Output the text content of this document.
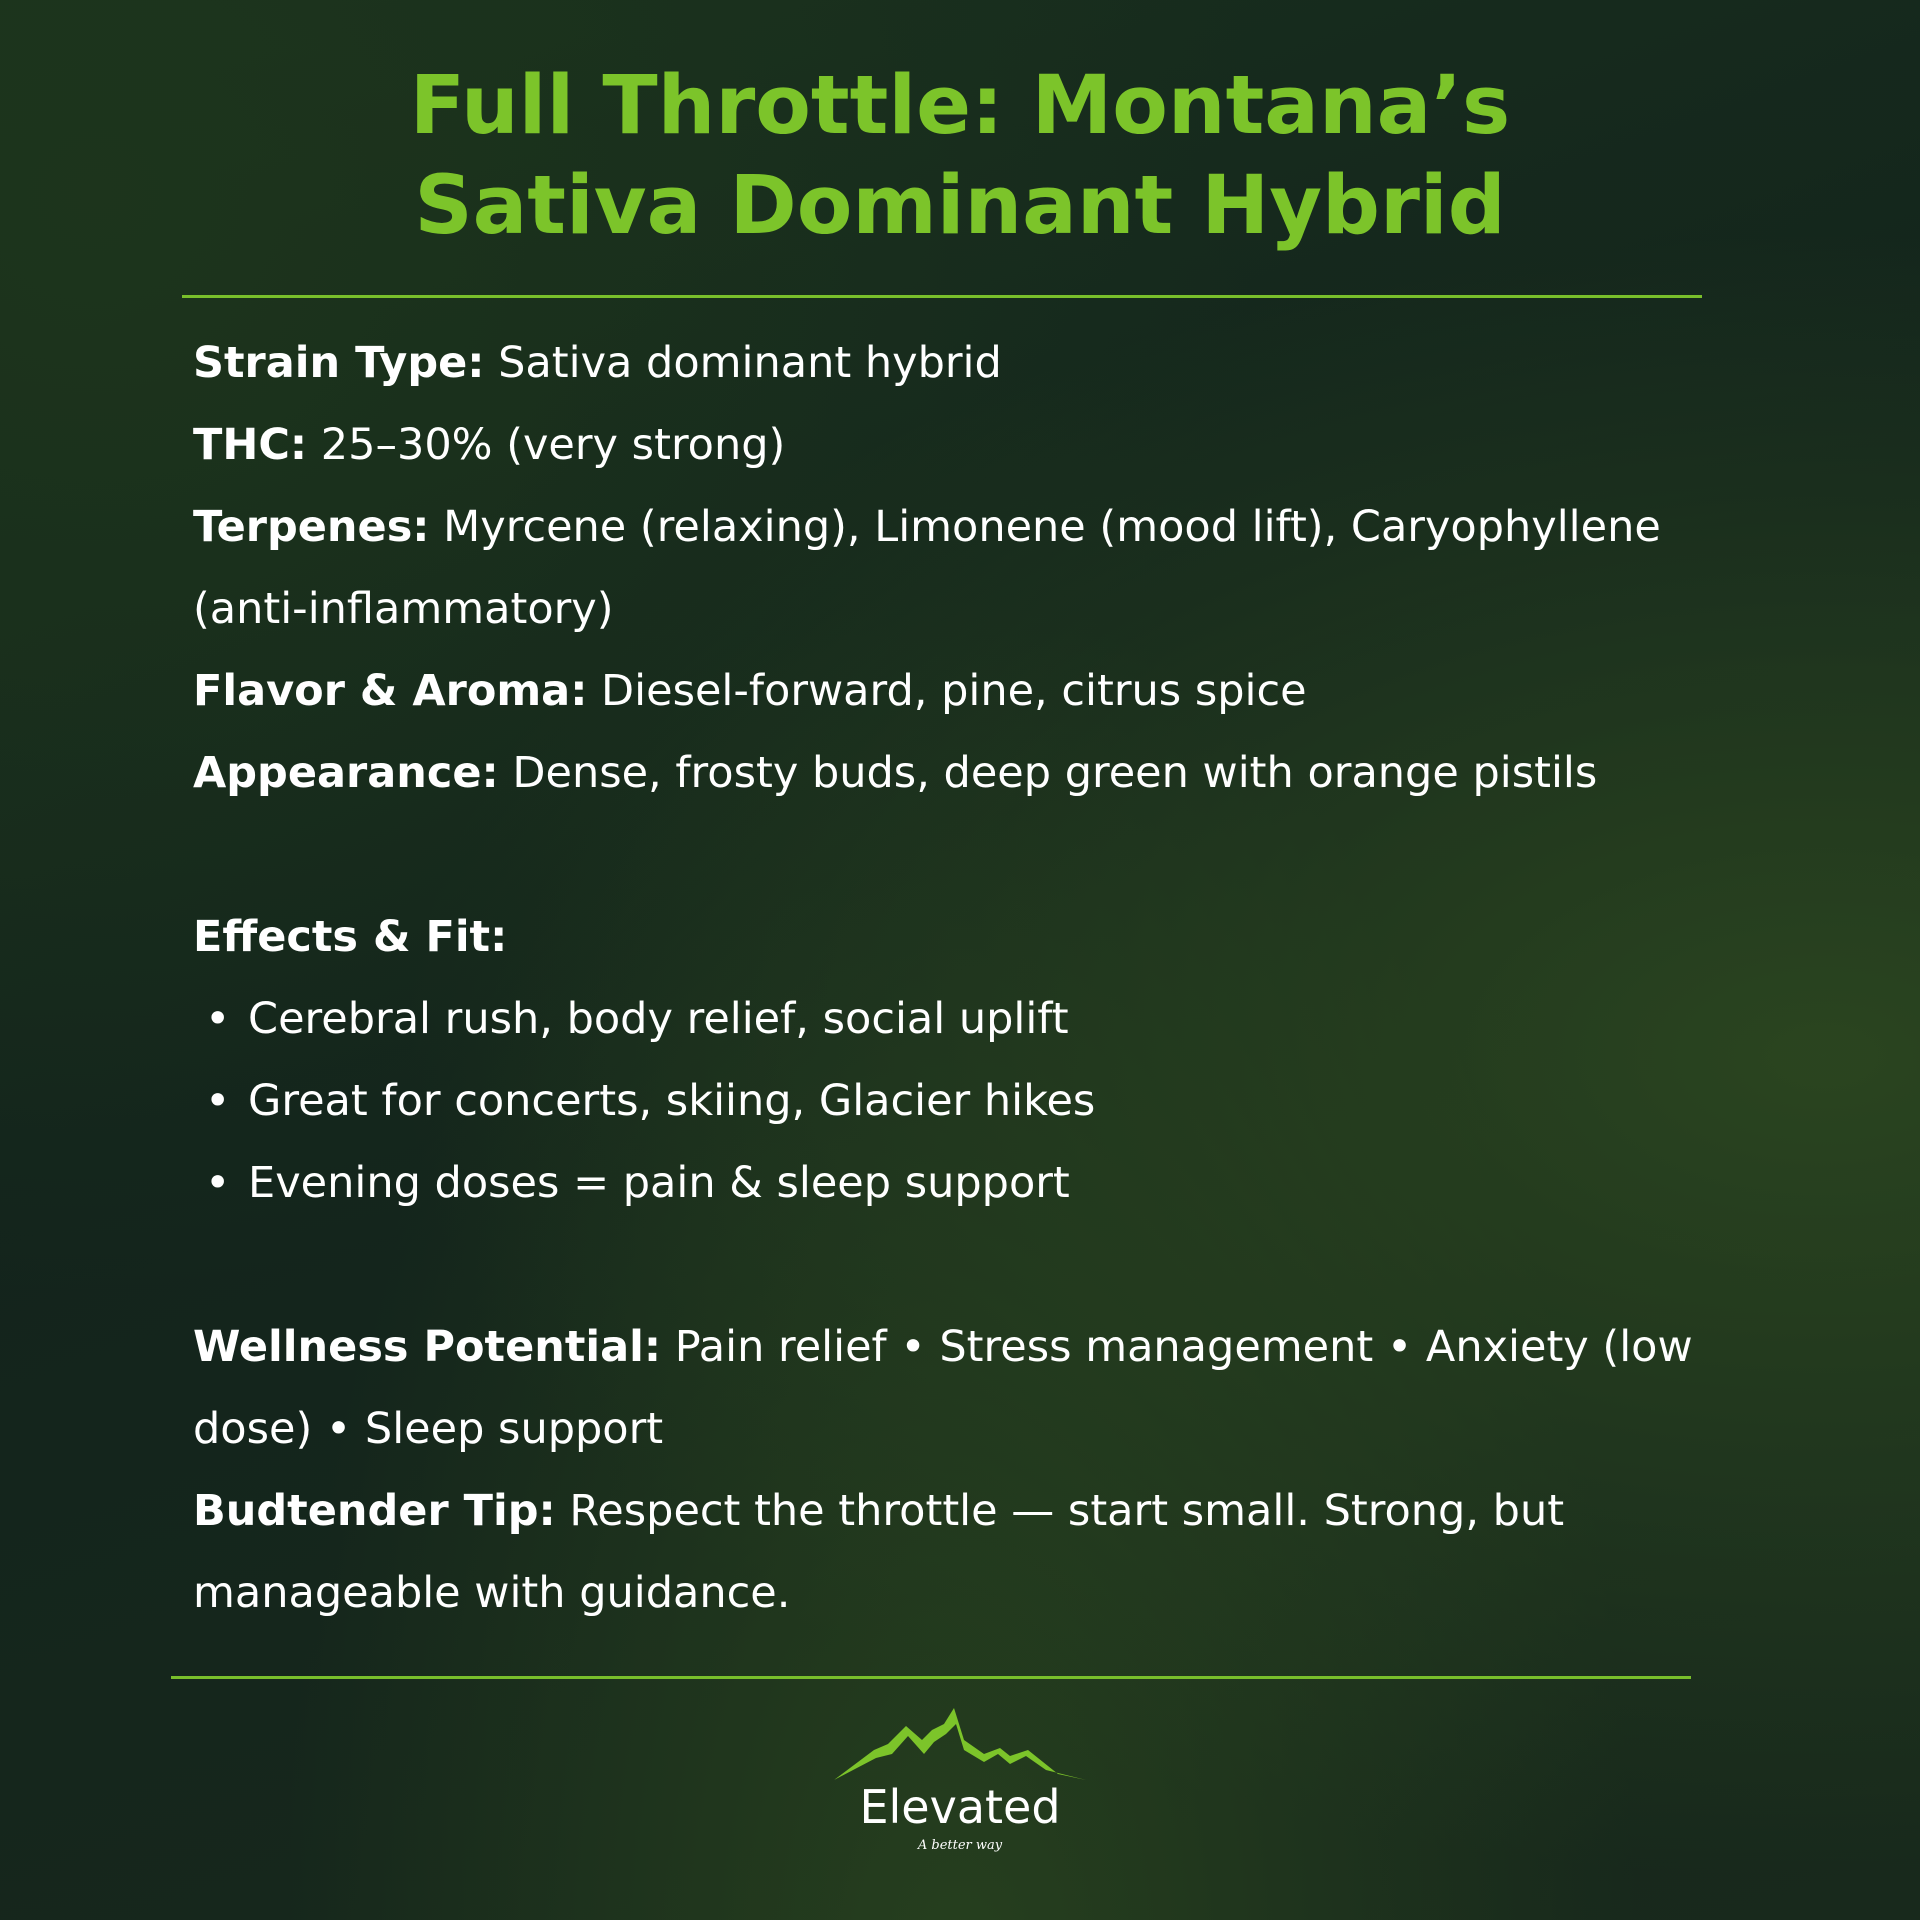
Full Throttle: Montana’s
Sativa Dominant Hybrid

Strain Type: Sativa dominant hybrid

THC: 25–30% (very strong)

Terpenes: Myrcene (relaxing), Limonene (mood lift), Caryophyllene (anti-inflammatory)

Flavor & Aroma: Diesel-forward, pine, citrus spice

Appearance: Dense, frosty buds, deep green with orange pistils

Effects & Fit:

• Cerebral rush, body relief, social uplift

• Great for concerts, skiing, Glacier hikes

• Evening doses = pain & sleep support

Wellness Potential: Pain relief • Stress management • Anxiety (low dose) • Sleep support

Budtender Tip: Respect the throttle — start small. Strong, but manageable with guidance.

Elevated
A better way
